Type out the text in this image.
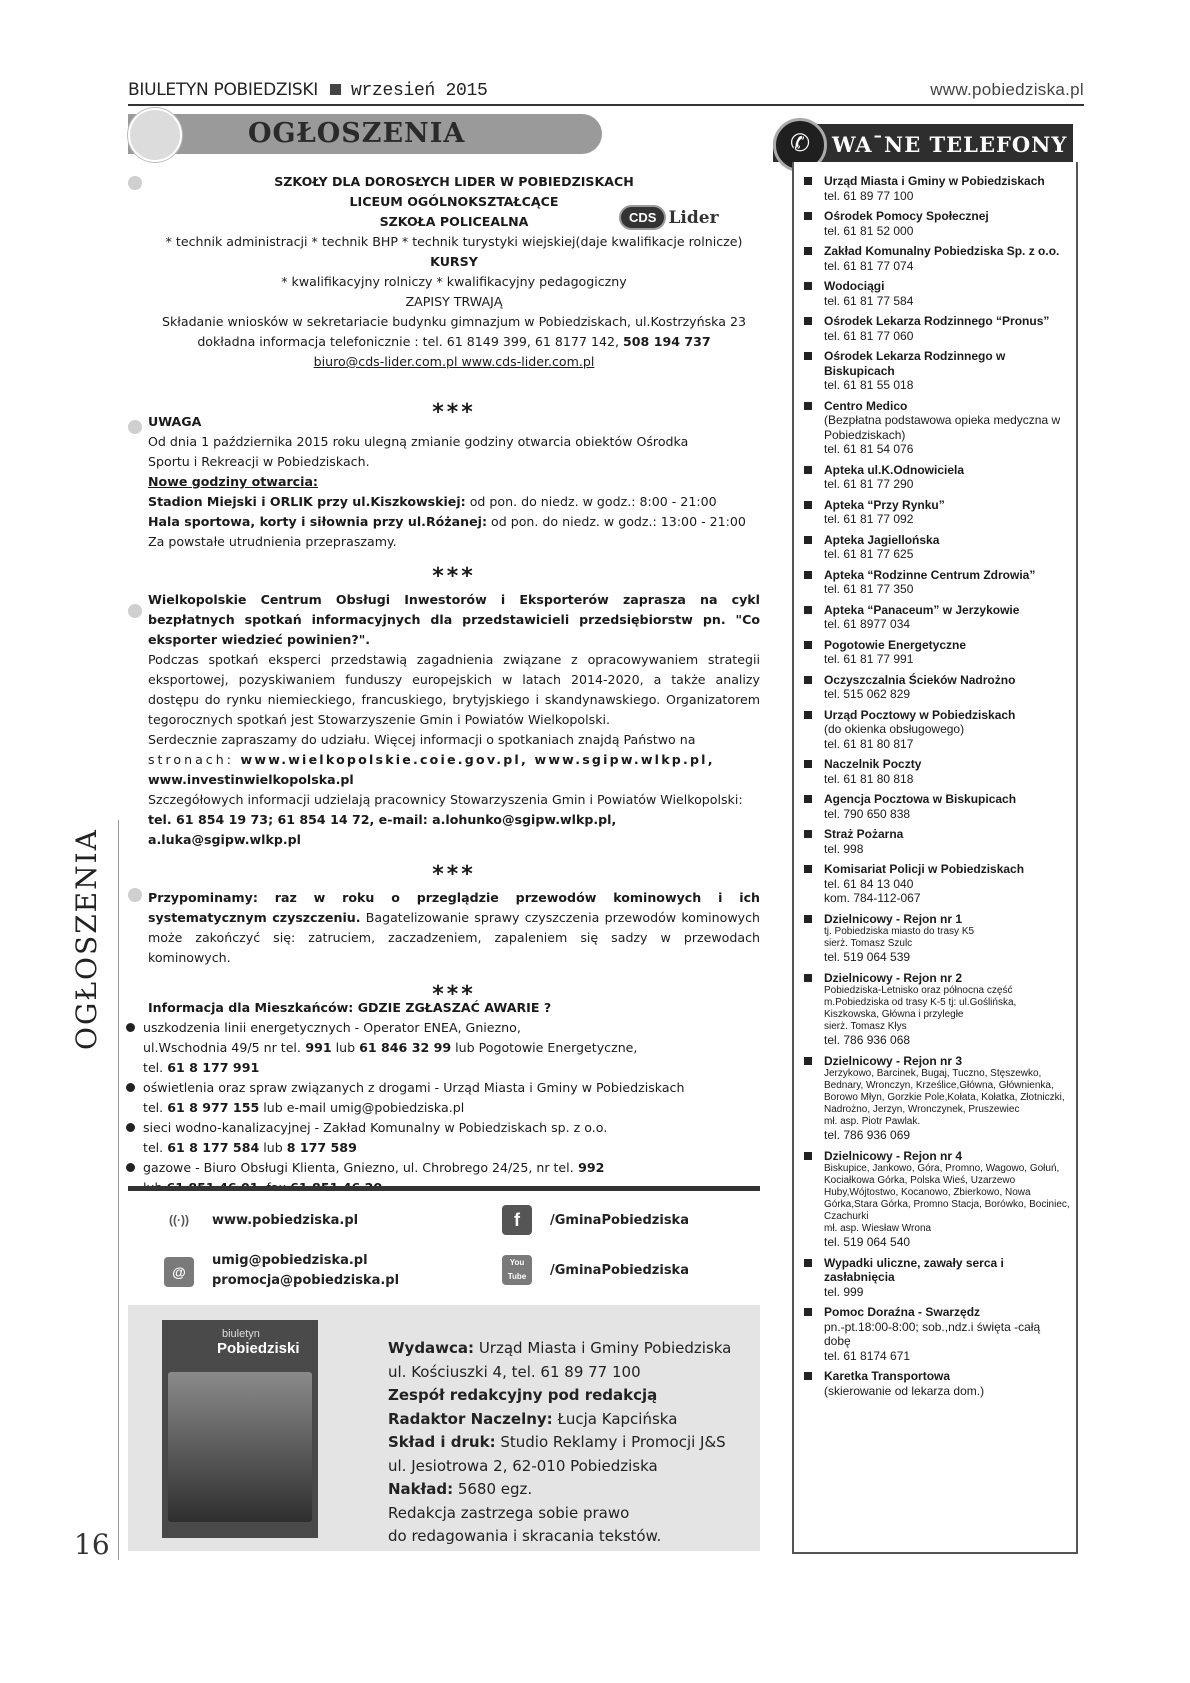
BIULETYN POBIEDZISKI wrzesień 2015	www.pobiedziska.pl
OGŁOSZENIA
OGŁOSZENIA
16
CDS Lider
SZKOŁY DLA DOROSŁYCH LIDER W POBIEDZISKACH
LICEUM OGÓLNOKSZTAŁCĄCE
SZKOŁA POLICEALNA
* technik administracji * technik BHP * technik turystyki wiejskiej(daje kwalifikacje rolnicze)
KURSY
* kwalifikacyjny rolniczy * kwalifikacyjny pedagogiczny
ZAPISY TRWAJĄ
Składanie wniosków w sekretariacie budynku gimnazjum w Pobiedziskach, ul.Kostrzyńska 23
dokładna informacja telefonicznie : tel. 61 8149 399, 61 8177 142, 508 194 737
biuro@cds-lider.com.pl www.cds-lider.com.pl
***
UWAGA
Od dnia 1 października 2015 roku ulegną zmianie godziny otwarcia obiektów Ośrodka Sportu i Rekreacji w Pobiedziskach.
Nowe godziny otwarcia:
Stadion Miejski i ORLIK przy ul.Kiszkowskiej: od pon. do niedz. w godz.: 8:00 - 21:00
Hala sportowa, korty i siłownia przy ul.Różanej: od pon. do niedz. w godz.: 13:00 - 21:00
Za powstałe utrudnienia przepraszamy.
***
Wielkopolskie Centrum Obsługi Inwestorów i Eksporterów zaprasza na cykl bezpłatnych spotkań informacyjnych dla przedstawicieli przedsiębiorstw pn. "Co eksporter wiedzieć powinien?".
Podczas spotkań eksperci przedstawią zagadnienia związane z opracowywaniem strategii eksportowej, pozyskiwaniem funduszy europejskich w latach 2014-2020, a także analizy dostępu do rynku niemieckiego, francuskiego, brytyjskiego i skandynawskiego. Organizatorem tegorocznych spotkań jest Stowarzyszenie Gmin i Powiatów Wielkopolski.
Serdecznie zapraszamy do udziału. Więcej informacji o spotkaniach znajdą Państwo na
stronach: www.wielkopolskie.coie.gov.pl, www.sgipw.wlkp.pl,
www.investinwielkopolska.pl
Szczegółowych informacji udzielają pracownicy Stowarzyszenia Gmin i Powiatów Wielkopolski:
tel. 61 854 19 73; 61 854 14 72, e-mail: a.lohunko@sgipw.wlkp.pl, a.luka@sgipw.wlkp.pl
***
Przypominamy: raz w roku o przeglądzie przewodów kominowych i ich systematycznym czyszczeniu. Bagatelizowanie sprawy czyszczenia przewodów kominowych może zakończyć się: zatruciem, zaczadzeniem, zapaleniem się sadzy w przewodach kominowych.
***
Informacja dla Mieszkańców: GDZIE ZGŁASZAĆ AWARIE ?
uszkodzenia linii energetycznych - Operator ENEA, Gniezno,
ul.Wschodnia 49/5 nr tel. 991 lub 61 846 32 99 lub Pogotowie Energetyczne,
tel. 61 8 177 991
oświetlenia oraz spraw związanych z drogami - Urząd Miasta i Gminy w Pobiedziskach
tel. 61 8 977 155 lub e-mail umig@pobiedziska.pl
sieci wodno-kanalizacyjnej - Zakład Komunalny w Pobiedziskach sp. z o.o.
tel. 61 8 177 584 lub 8 177 589
gazowe - Biuro Obsługi Klienta, Gniezno, ul. Chrobrego 24/25, nr tel. 992
((·))	www.pobiedziska.pl
@
umig@pobiedziska.pl
promocja@pobiedziska.pl
f	/GminaPobiedziska
You Tube	/GminaPobiedziska
biuletyn
Pobiedziski	Wydawca: Urząd Miasta i Gminy Pobiedziska
ul. Kościuszki 4, tel. 61 89 77 100
Zespół redakcyjny pod redakcją
Radaktor Naczelny: Łucja Kapcińska
Skład i druk: Studio Reklamy i Promocji J&S
ul. Jesiotrowa 2, 62-010 Pobiedziska
Nakład: 5680 egz.
Redakcja zastrzega sobie prawo
do redagowania i skracania tekstów.
✆	WA¯NE TELEFONY
Urząd Miasta i Gminy w Pobiedziskach
tel. 61 89 77 100
Ośrodek Pomocy Społecznej
tel. 61 81 52 000
Zakład Komunalny Pobiedziska Sp. z o.o.
tel. 61 81 77 074
Wodociągi
tel. 61 81 77 584
Ośrodek Lekarza Rodzinnego “Pronus”
tel. 61 81 77 060
Ośrodek Lekarza Rodzinnego w Biskupicach
tel. 61 81 55 018
Centro Medico
(Bezpłatna podstawowa opieka medyczna w Pobiedziskach)
tel. 61 81 54 076
Apteka ul.K.Odnowiciela
tel. 61 81 77 290
Apteka “Przy Rynku”
tel. 61 81 77 092
Apteka Jagiellońska
tel. 61 81 77 625
Apteka “Rodzinne Centrum Zdrowia”
tel. 61 81 77 350
Apteka “Panaceum” w Jerzykowie
tel. 61 8977 034
Pogotowie Energetyczne
tel. 61 81 77 991
Oczyszczalnia Ścieków Nadrożno
tel. 515 062 829
Urząd Pocztowy w Pobiedziskach
(do okienka obsługowego)
tel. 61 81 80 817
Naczelnik Poczty
tel. 61 81 80 818
Agencja Pocztowa w Biskupicach
tel. 790 650 838
Straż Pożarna
tel. 998
Komisariat Policji w Pobiedziskach
tel. 61 84 13 040
kom. 784-112-067
Dzielnicowy - Rejon nr 1
tj. Pobiedziska miasto do trasy K5
sierż. Tomasz Szulc
tel. 519 064 539
Dzielnicowy - Rejon nr 2
Pobiedziska-Letnisko oraz północna część m.Pobiedziska od trasy K-5 tj: ul.Goślińska, Kiszkowska, Główna i przyległe
sierż. Tomasz Kłys
tel. 786 936 068
Dzielnicowy - Rejon nr 3
Jerzykowo, Barcinek, Bugaj, Tuczno, Stęszewko, Bednary, Wronczyn, Krześlice,Główna, Głównienka, Borowo Młyn, Gorzkie Pole,Kołata, Kołatka, Złotniczki, Nadrożno, Jerzyn, Wronczynek, Pruszewiec
mł. asp. Piotr Pawlak.
tel. 786 936 069
Dzielnicowy - Rejon nr 4
Biskupice, Jankowo, Góra, Promno, Wagowo, Gołuń, Kociałkowa Górka, Polska Wieś, Uzarzewo Huby,Wójtostwo, Kocanowo, Zbierkowo, Nowa Górka,Stara Górka, Promno Stacja, Borówko, Bociniec, Czachurki
mł. asp. Wiesław Wrona
tel. 519 064 540
Wypadki uliczne, zawały serca i zasłabnięcia
tel. 999
Pomoc Doraźna - Swarzędz
pn.-pt.18:00-8:00; sob.,ndz.i święta -całą dobę
tel. 61 8174 671
Karetka Transportowa
(skierowanie od lekarza dom.)
